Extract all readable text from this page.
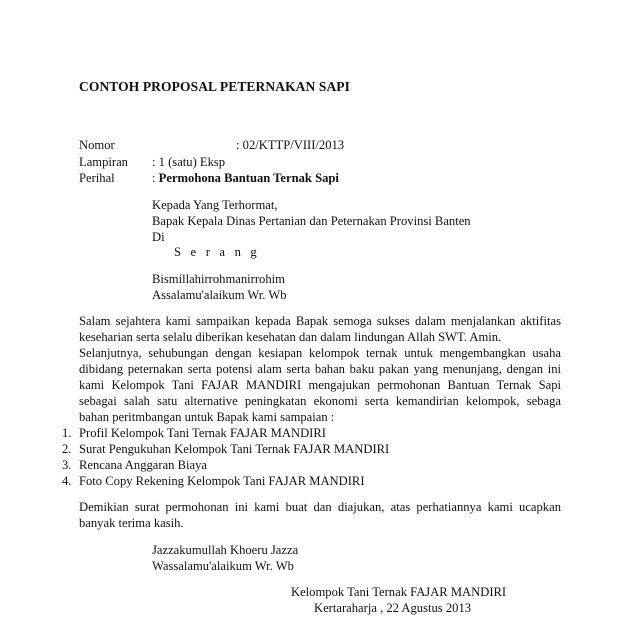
CONTOH PROPOSAL PETERNAKAN SAPI
Nomor	: 02/KTTP/VIII/2013
Lampiran : 1 (satu) Eksp
Perihal	: Permohona Bantuan Ternak Sapi
Kepada Yang Terhormat,
Bapak Kepala Dinas Pertanian dan Peternakan Provinsi Banten
Di
S e r a n g
Bismillahirrohmanirrohim
Assalamu'alaikum Wr. Wb
Salam sejahtera kami sampaikan kepada Bapak semoga sukses dalam menjalankan aktifitas
keseharian serta selalu diberikan kesehatan dan dalam lindungan Allah SWT. Amin.
Selanjutnya, sehubungan dengan kesiapan kelompok ternak untuk mengembangkan usaha
dibidang peternakan serta potensi alam serta bahan baku pakan yang menunjang, dengan ini
kami Kelompok Tani FAJAR MANDIRI mengajukan permohonan Bantuan Ternak Sapi
sebagai salah satu alternative peningkatan ekonomi serta kemandirian kelompok, sebaga
bahan peritmbangan untuk Bapak kami sampaian :
1. Profil Kelompok Tani Ternak FAJAR MANDIRI
2. Surat Pengukuhan Kelompok Tani Ternak FAJAR MANDIRI
3. Rencana Anggaran Biaya
4. Foto Copy Rekening Kelompok Tani FAJAR MANDIRI
Demikian surat permohonan ini kami buat dan diajukan, atas perhatiannya kami ucapkan
banyak terima kasih.
Jazzakumullah Khoeru Jazza
Wassalamu'alaikum Wr. Wb
Kelompok Tani Ternak FAJAR MANDIRI
Kertaraharja , 22 Agustus 2013
